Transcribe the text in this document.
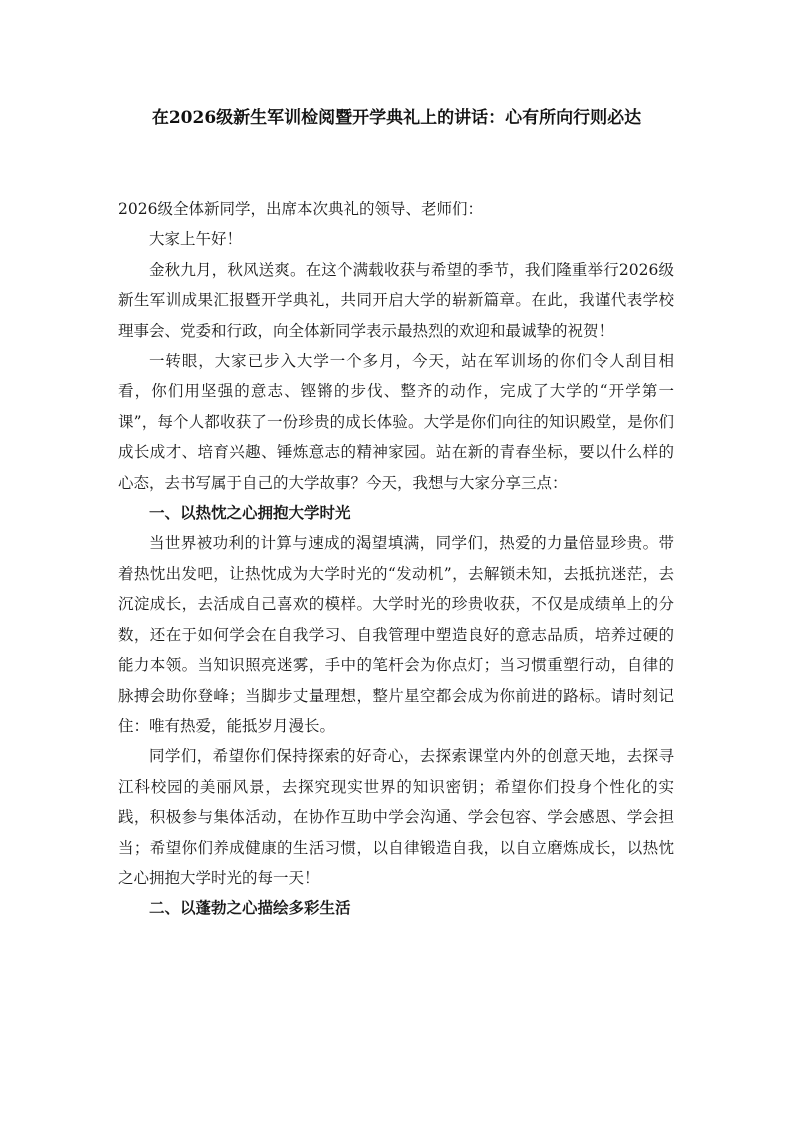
在2026级新生军训检阅暨开学典礼上的讲话：心有所向行则必达

2026级全体新同学，出席本次典礼的领导、老师们：

大家上午好！

金秋九月，秋风送爽。在这个满载收获与希望的季节，我们隆重举行2026级新生军训成果汇报暨开学典礼，共同开启大学的崭新篇章。在此，我谨代表学校理事会、党委和行政，向全体新同学表示最热烈的欢迎和最诚挚的祝贺！

一转眼，大家已步入大学一个多月，今天，站在军训场的你们令人刮目相看，你们用坚强的意志、铿锵的步伐、整齐的动作，完成了大学的“开学第一课”，每个人都收获了一份珍贵的成长体验。大学是你们向往的知识殿堂，是你们成长成才、培育兴趣、锤炼意志的精神家园。站在新的青春坐标，要以什么样的心态，去书写属于自己的大学故事？今天，我想与大家分享三点：

一、以热忱之心拥抱大学时光

当世界被功利的计算与速成的渴望填满，同学们，热爱的力量倍显珍贵。带着热忱出发吧，让热忱成为大学时光的“发动机”，去解锁未知，去抵抗迷茫，去沉淀成长，去活成自己喜欢的模样。大学时光的珍贵收获，不仅是成绩单上的分数，还在于如何学会在自我学习、自我管理中塑造良好的意志品质，培养过硬的能力本领。当知识照亮迷雾，手中的笔杆会为你点灯；当习惯重塑行动，自律的脉搏会助你登峰；当脚步丈量理想，整片星空都会成为你前进的路标。请时刻记住：唯有热爱，能抵岁月漫长。

同学们，希望你们保持探索的好奇心，去探索课堂内外的创意天地，去探寻江科校园的美丽风景，去探究现实世界的知识密钥；希望你们投身个性化的实践，积极参与集体活动，在协作互助中学会沟通、学会包容、学会感恩、学会担当；希望你们养成健康的生活习惯，以自律锻造自我，以自立磨炼成长，以热忱之心拥抱大学时光的每一天！

二、以蓬勃之心描绘多彩生活
